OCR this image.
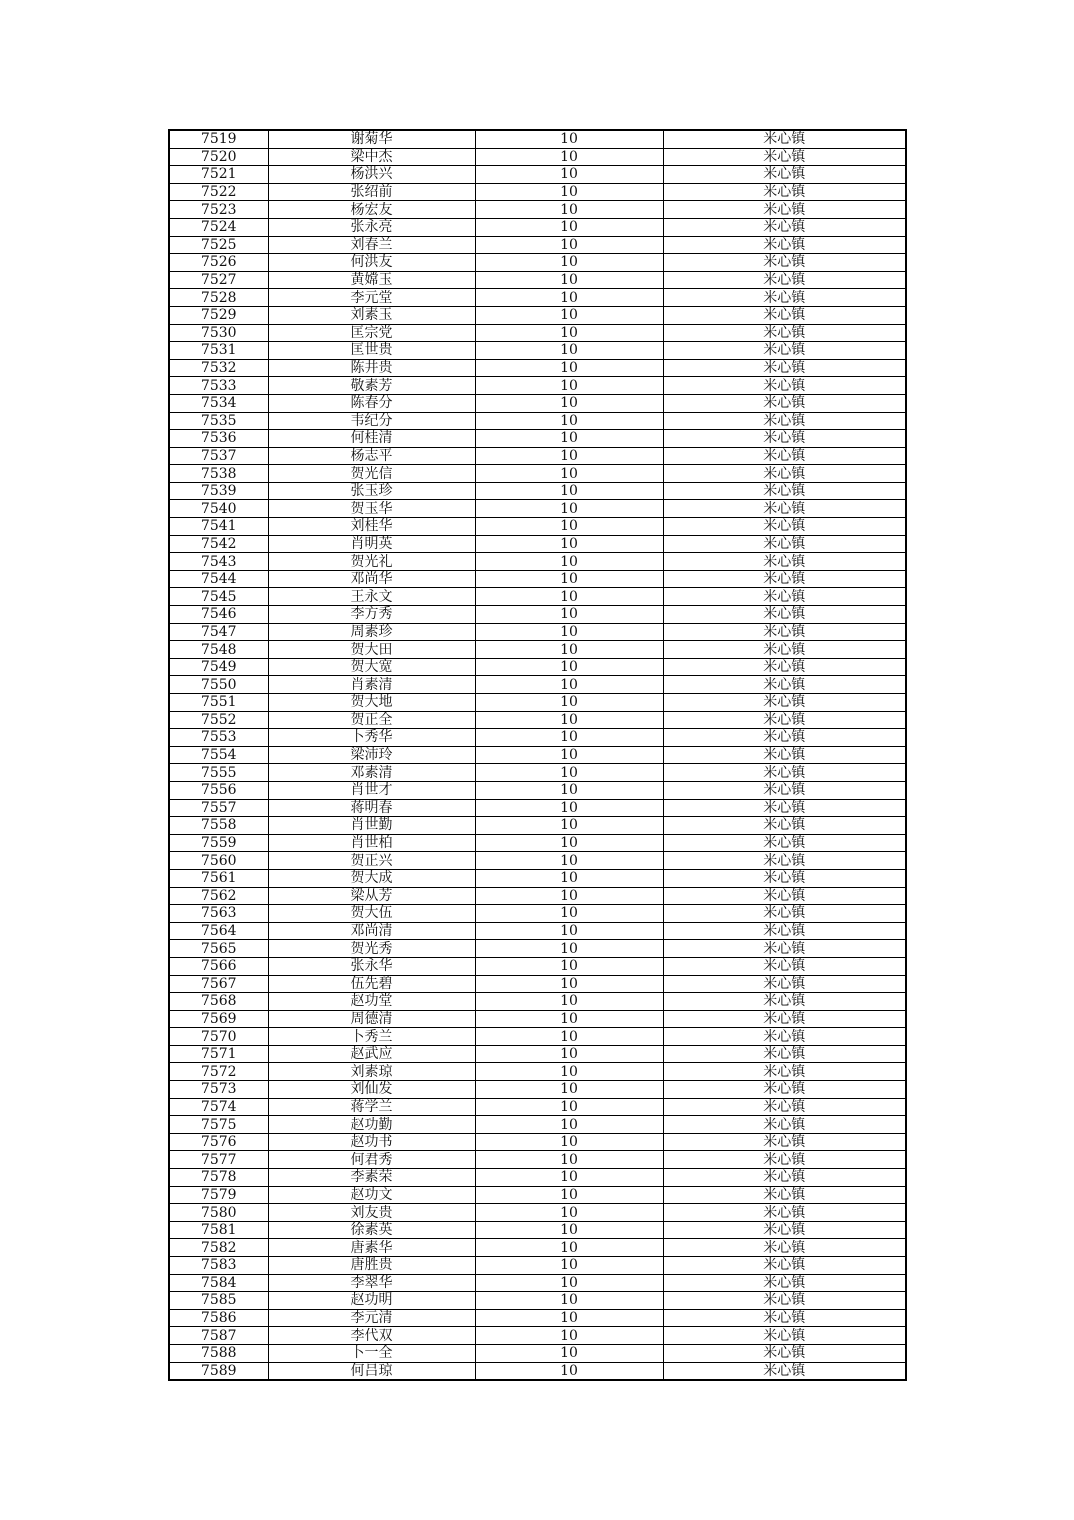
7519	谢菊华	10	米心镇
7520	梁中杰	10	米心镇
7521	杨洪兴	10	米心镇
7522	张绍前	10	米心镇
7523	杨宏友	10	米心镇
7524	张永亮	10	米心镇
7525	刘春兰	10	米心镇
7526	何洪友	10	米心镇
7527	黄嫦玉	10	米心镇
7528	李元堂	10	米心镇
7529	刘素玉	10	米心镇
7530	匡宗党	10	米心镇
7531	匡世贵	10	米心镇
7532	陈井贵	10	米心镇
7533	敬素芳	10	米心镇
7534	陈春分	10	米心镇
7535	韦纪分	10	米心镇
7536	何桂清	10	米心镇
7537	杨志平	10	米心镇
7538	贺光信	10	米心镇
7539	张玉珍	10	米心镇
7540	贺玉华	10	米心镇
7541	刘桂华	10	米心镇
7542	肖明英	10	米心镇
7543	贺光礼	10	米心镇
7544	邓尚华	10	米心镇
7545	王永文	10	米心镇
7546	李方秀	10	米心镇
7547	周素珍	10	米心镇
7548	贺大田	10	米心镇
7549	贺大宽	10	米心镇
7550	肖素清	10	米心镇
7551	贺大地	10	米心镇
7552	贺正全	10	米心镇
7553	卜秀华	10	米心镇
7554	梁沛玲	10	米心镇
7555	邓素清	10	米心镇
7556	肖世才	10	米心镇
7557	蒋明春	10	米心镇
7558	肖世勤	10	米心镇
7559	肖世柏	10	米心镇
7560	贺正兴	10	米心镇
7561	贺大成	10	米心镇
7562	梁从芳	10	米心镇
7563	贺大伍	10	米心镇
7564	邓尚清	10	米心镇
7565	贺光秀	10	米心镇
7566	张永华	10	米心镇
7567	伍先碧	10	米心镇
7568	赵功堂	10	米心镇
7569	周德清	10	米心镇
7570	卜秀兰	10	米心镇
7571	赵武应	10	米心镇
7572	刘素琼	10	米心镇
7573	刘仙发	10	米心镇
7574	蒋学兰	10	米心镇
7575	赵功勤	10	米心镇
7576	赵功书	10	米心镇
7577	何君秀	10	米心镇
7578	李素荣	10	米心镇
7579	赵功文	10	米心镇
7580	刘友贵	10	米心镇
7581	徐素英	10	米心镇
7582	唐素华	10	米心镇
7583	唐胜贵	10	米心镇
7584	李翠华	10	米心镇
7585	赵功明	10	米心镇
7586	李元清	10	米心镇
7587	李代双	10	米心镇
7588	卜一全	10	米心镇
7589	何吕琼	10	米心镇
